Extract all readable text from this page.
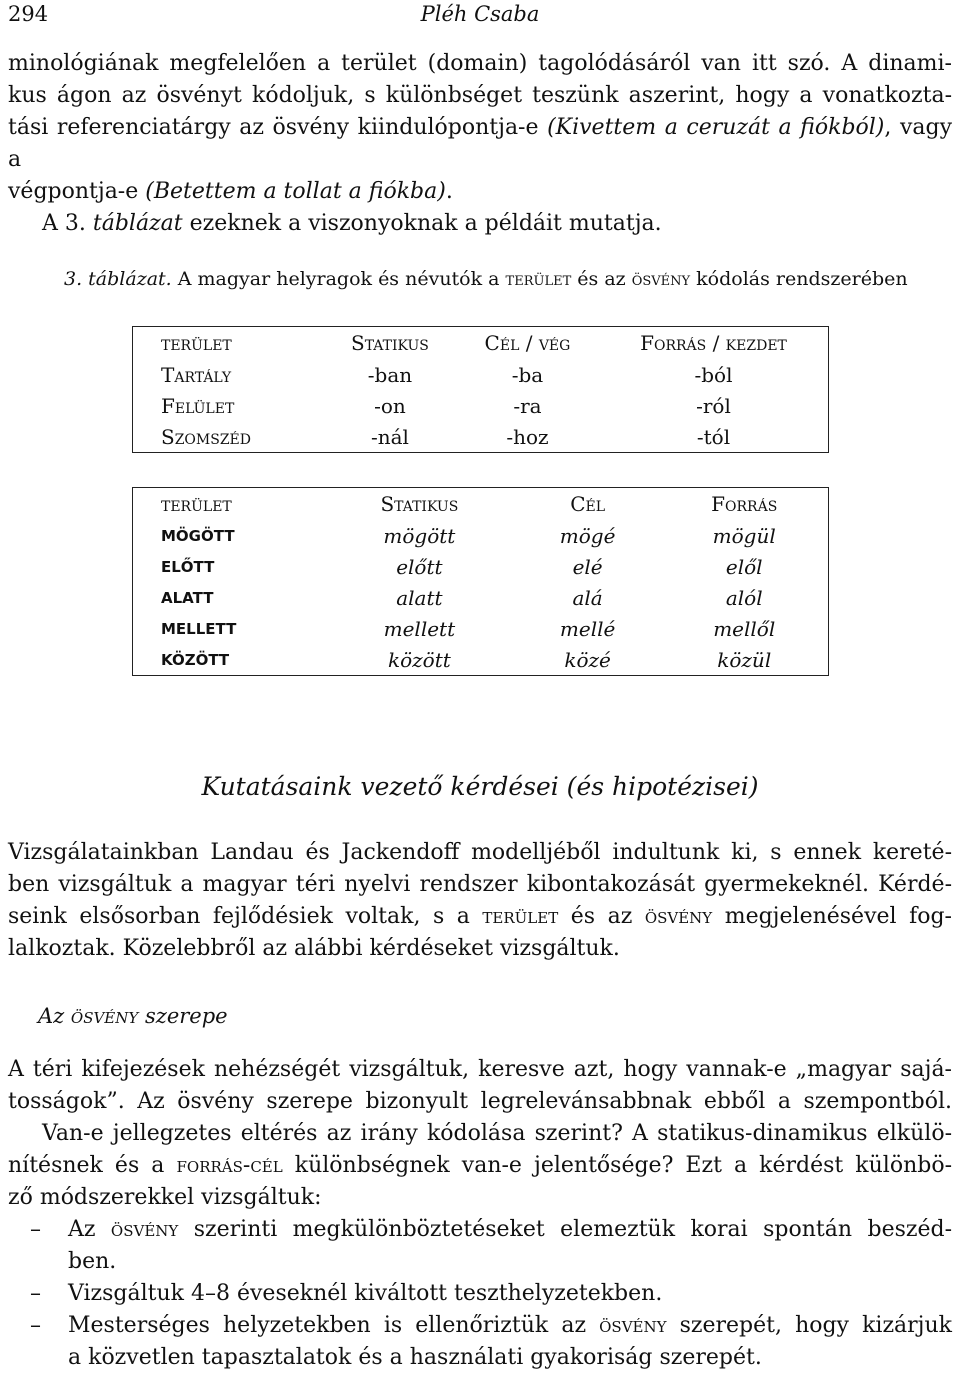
294	Pléh Csaba
minológiának megfelelően a terület (domain) tagolódásáról van itt szó. A dinami-
kus ágon az ösvényt kódoljuk, s különbséget teszünk aszerint, hogy a vonatkozta-
tási referenciatárgy az ösvény kiindulópontja-e (Kivettem a ceruzát a fiókból), vagy a
végpontja-e (Betettem a tollat a fiókba).
A 3. táblázat ezeknek a viszonyoknak a példáit mutatja.
3. táblázat. A magyar helyragok és névutók a terület és az ösvény kódolás rendszerében
terület	Statikus	Cél / vég	Forrás / kezdet
Tartály	-ban	-ba	-ból
Felület	-on	-ra	-ról
Szomszéd	-nál	-hoz	-tól
terület	Statikus	Cél	Forrás
MÖGÖTT	mögött	mögé	mögül
ELŐTT	előtt	elé	elől
ALATT	alatt	alá	alól
MELLETT	mellett	mellé	mellől
KÖZÖTT	között	közé	közül
Kutatásaink vezető kérdései (és hipotézisei)
Vizsgálatainkban Landau és Jackendoff modelljéből indultunk ki, s ennek kereté-
ben vizsgáltuk a magyar téri nyelvi rendszer kibontakozását gyermekeknél. Kérdé-
seink elsősorban fejlődésiek voltak, s a terület és az ösvény megjelenésével fog-
lalkoztak. Közelebbről az alábbi kérdéseket vizsgáltuk.
Az ösvény szerepe
A téri kifejezések nehézségét vizsgáltuk, keresve azt, hogy vannak-e „magyar sajá-
tosságok”. Az ösvény szerepe bizonyult legrelevánsabbnak ebből a szempontból.
Van-e jellegzetes eltérés az irány kódolása szerint? A statikus-dinamikus elkülö-
nítésnek és a forrás-cél különbségnek van-e jelentősége? Ezt a kérdést különbö-
ző módszerekkel vizsgáltuk:
– Az ösvény szerinti megkülönböztetéseket elemeztük korai spontán beszéd-
ben.
– Vizsgáltuk 4–8 éveseknél kiváltott teszthelyzetekben.
– Mesterséges helyzetekben is ellenőriztük az ösvény szerepét, hogy kizárjuk
a közvetlen tapasztalatok és a használati gyakoriság szerepét.
